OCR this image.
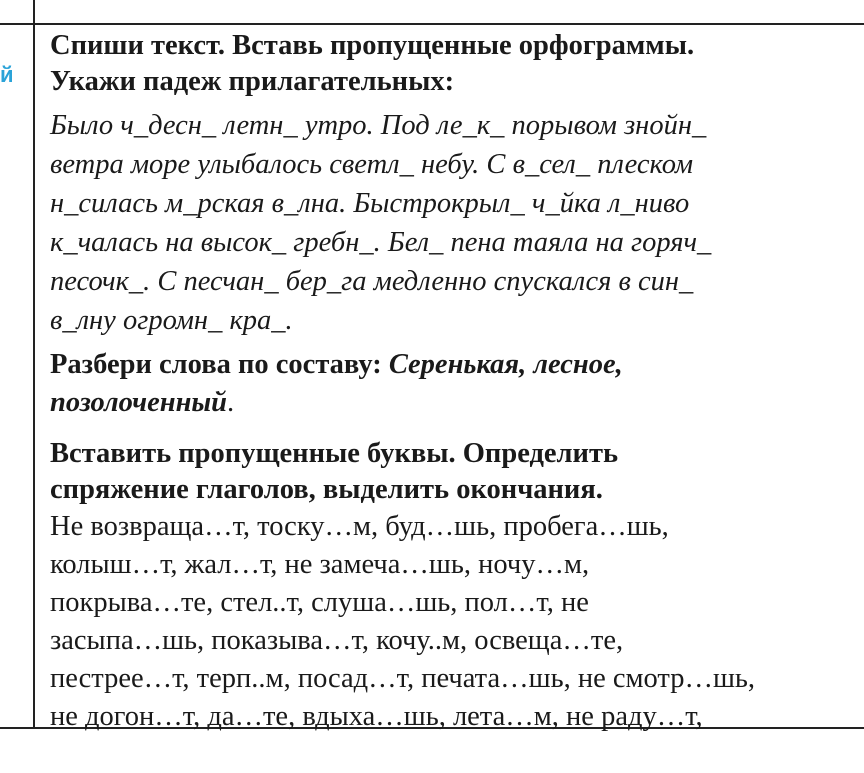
й
Спиши текст. Вставь пропущенные орфограммы.
Укажи падеж прилагательных:
Было ч_десн_ летн_ утро. Под ле_к_ порывом знойн_
ветра море улыбалось светл_ небу. С в_сел_ плеском
н_силась м_рская в_лна. Быстрокрыл_ ч_йка л_ниво
к_чалась на высок_ гребн_. Бел_ пена таяла на горяч_
песочк_. С песчан_ бер_га медленно спускался в син_
в_лну огромн_ кра_.
Разбери слова по составу: Серенькая, лесное,
позолоченный.
Вставить пропущенные буквы. Определить
спряжение глаголов, выделить окончания.
Не возвраща…т, тоску…м, буд…шь, пробега…шь,
колыш…т, жал…т, не замеча…шь, ночу…м,
покрыва…те, стел..т, слуша…шь, пол…т, не
засыпа…шь, показыва…т, кочу..м, освеща…те,
пестрее…т, терп..м, посад…т, печата…шь, не смотр…шь,
не догон…т, да…те, вдыха…шь, лета…м, не раду…т,
